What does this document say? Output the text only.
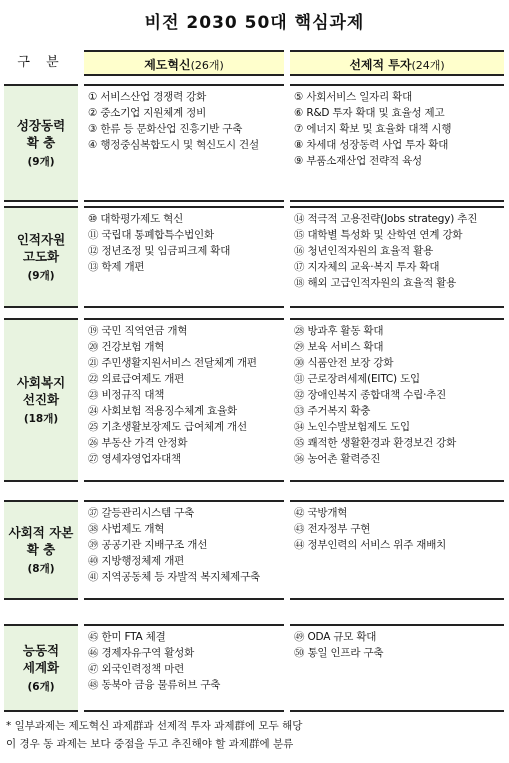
비전 2030 50대 핵심과제
구 분	제도혁신(26개)	선제적 투자(24개)
성장동력
확 충
(9개)
① 서비스산업 경쟁력 강화
② 중소기업 지원체계 정비
③ 한류 등 문화산업 진흥기반 구축
④ 행정중심복합도시 및 혁신도시 건설
⑤ 사회서비스 일자리 확대
⑥ R&D 투자 확대 및 효율성 제고
⑦ 에너지 확보 및 효율화 대책 시행
⑧ 차세대 성장동력 사업 투자 확대
⑨ 부품소재산업 전략적 육성
인적자원
고도화
(9개)
⑩ 대학평가제도 혁신
⑪ 국립대 통폐합특수법인화
⑫ 정년조정 및 임금피크제 확대
⑬ 학제 개편
⑭ 적극적 고용전략(Jobs strategy) 추진
⑮ 대학별 특성화 및 산학연 연계 강화
⑯ 청년인적자원의 효율적 활용
⑰ 지자체의 교육·복지 투자 확대
⑱ 해외 고급인적자원의 효율적 활용
사회복지
선진화
(18개)
⑲ 국민 직역연금 개혁
⑳ 건강보험 개혁
㉑ 주민생활지원서비스 전달체계 개편
㉒ 의료급여제도 개편
㉓ 비정규직 대책
㉔ 사회보험 적용징수체계 효율화
㉕ 기초생활보장제도 급여체계 개선
㉖ 부동산 가격 안정화
㉗ 영세자영업자대책
㉘ 방과후 활동 확대
㉙ 보육 서비스 확대
㉚ 식품안전 보장 강화
㉛ 근로장려세제(EITC) 도입
㉜ 장애인복지 종합대책 수립·추진
㉝ 주거복지 확충
㉞ 노인수발보험제도 도입
㉟ 쾌적한 생활환경과 환경보건 강화
㊱ 농어촌 활력증진
사회적 자본
확 충
(8개)
㊲ 갈등관리시스템 구축
㊳ 사법제도 개혁
㊴ 공공기관 지배구조 개선
㊵ 지방행정체제 개편
㊶ 지역공동체 등 자발적 복지체제구축
㊷ 국방개혁
㊸ 전자정부 구현
㊹ 정부인력의 서비스 위주 재배치
능동적
세계화
(6개)
㊺ 한미 FTA 체결
㊻ 경제자유구역 활성화
㊼ 외국인력정책 마련
㊽ 동북아 금융 물류허브 구축
㊾ ODA 규모 확대
㊿ 통일 인프라 구축
* 일부과제는 제도혁신 과제群과 선제적 투자 과제群에 모두 해당
이 경우 동 과제는 보다 중점을 두고 추진해야 할 과제群에 분류
